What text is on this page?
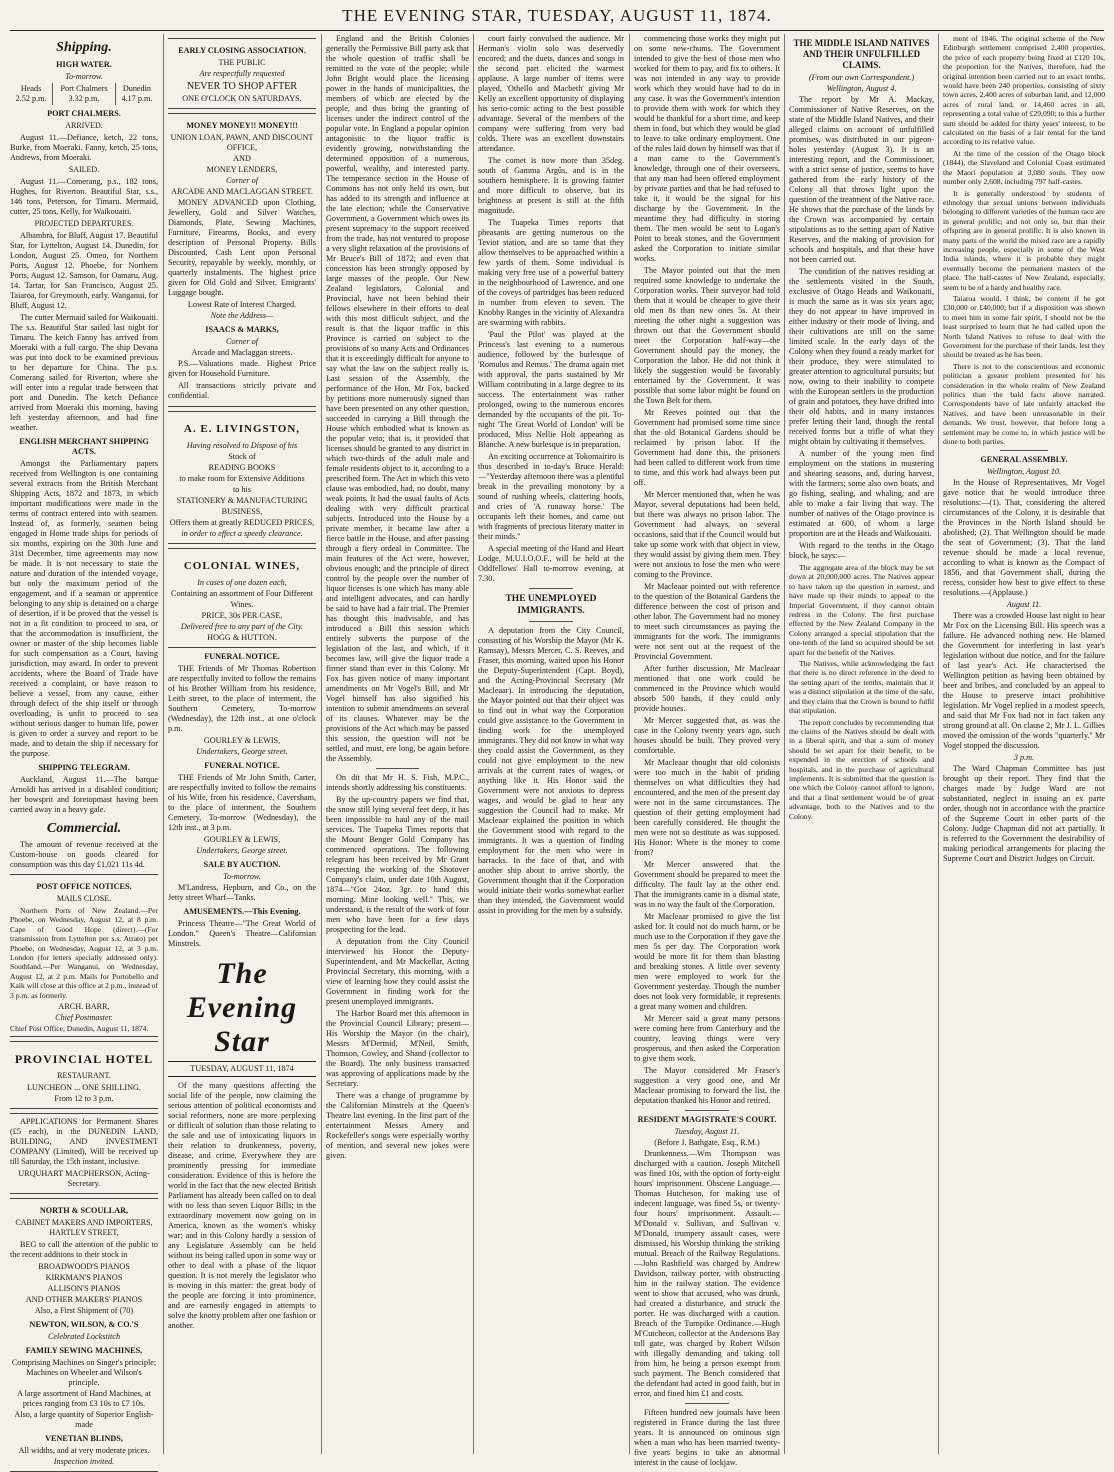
THE EVENING STAR, TUESDAY, AUGUST 11, 1874.
Shipping.
HIGH WATER.
To-morrow.
Heads
2.52 p.m.	Port Chalmers
3.32 p.m.	Dunedin
4.17 p.m.
PORT CHALMERS.
ARRIVED.
August 11.—Defiance, ketch, 22 tons, Burke, from Moeraki. Fanny, ketch, 25 tons, Andrews, from Moeraki.
SAILED.
August 11.—Comerang, p.s., 182 tons, Hughes, for Riverton. Beautiful Star, s.s., 146 tons, Peterson, for Timaru. Mermaid, cutter, 25 tons, Kelly, for Waikouaiti.
PROJECTED DEPARTURES.
Albambra, for Bluff, August 17. Beautiful Star, for Lyttelton, August 14. Dunedin, for London, August 25. Omeo, for Northern Ports, August 12. Phoebe, for Northern Ports, August 12. Samson, for Oamaru, Aug. 14. Tartar, for San Francisco, August 25. Taiaroa, for Greymouth, early. Wanganui, for Bluff, August 12.
The cutter Mermaid sailed for Waikouaiti. The s.s. Beautiful Star sailed last night for Timaru. The ketch Fanny has arrived from Moeraki with a full cargo. The ship Devana was put into dock to be examined previous to her departure for China. The p.s. Comerang sailed for Riverton, where she will enter into a regular trade between that port and Dunedin. The ketch Defiance arrived from Moeraki this morning, having left yesterday afternoon, and had fine weather.
ENGLISH MERCHANT SHIPPING ACTS.
Amongst the Parliamentary papers received from Wellington is one containing several extracts from the British Merchant Shipping Acts, 1872 and 1873, in which important modifications were made in the terms of contract entered into with seamen. Instead of, as formerly, seamen being engaged in Home trade ships for periods of six months, expiring on the 30th June and 31st December, time agreements may now be made. It is not necessary to state the nature and duration of the intended voyage, but only the maximum period of the engagement, and if a seaman or apprentice belonging to any ship is detained on a charge of desertion, if it be proved that the vessel is not in a fit condition to proceed to sea, or that the accommodation is insufficient, the owner or master of the ship becomes liable for such compensation as a Court, having jurisdiction, may award. In order to prevent accidents, where the Board of Trade have received a complaint, or have reason to believe a vessel, from any cause, either through defect of the ship itself or through overloading, is unfit to proceed to sea without serious danger to human life, power is given to order a survey and report to be made, and to detain the ship if necessary for the purpose.
SHIPPING TELEGRAM.
Auckland, August 11.—The barque Arnoldi has arrived in a disabled condition; her bowsprit and foretopmast having been carried away in a heavy gale.
Commercial.
The amount of revenue received at the Custom-house on goods cleared for consumption was this day £1,021 11s 4d.
POST OFFICE NOTICES.
MAILS CLOSE.
Northern Ports of New Zealand.—Per Phoebe, on Wednesday, August 12, at 8 p.m. Cape of Good Hope (direct).—(For transmission from Lyttelton per s.s. Atrato) per Phoebe, on Wednesday, August 12, at 3 p.m. London (for letters specially addressed only). Southland.—Per Wanganui, on Wednesday, August 12, at 2 p.m. Mails for Portobello and Kaik will close at this office at 2 p.m., instead of 3 p.m. as formerly.
ARCH. BARR,
Chief Postmaster.
Chief Post Office, Dunedin, August 11, 1874.
PROVINCIAL HOTEL
RESTAURANT.
LUNCHEON ... ONE SHILLING.
From 12 to 3 p.m.
APPLICATIONS for Permanent Shares (£5 each), in the DUNEDIN LAND, BUILDING, AND INVESTMENT COMPANY (Limited), Will be received up till Saturday, the 15th instant, inclusive.
URQUHART MACPHERSON, Acting-Secretary.
NORTH & SCOULLAR,
CABINET MAKERS AND IMPORTERS, HARTLEY STREET,
BEG to call the attention of the public to the recent additions to their stock in
BROADWOOD'S PIANOS
KIRKMAN'S PIANOS
ALLISON'S PIANOS
AND OTHER MAKERS' PIANOS
Also, a First Shipment of (70)
NEWTON, WILSON, & CO.'S
Celebrated Lockstitch
FAMILY SEWING MACHINES,
Comprising Machines on Singer's principle; Machines on Wheeler and Wilson's principle.
A large assortment of Hand Machines, at prices ranging from £3 10s to £7 10s.
Also, a large quantity of Superior English-made
VENETIAN BLINDS,
All widths, and at very moderate prices.
Inspection invited.
EARLY CLOSING ASSOCIATION.
THE PUBLIC
Are respectfully requested
NEVER TO SHOP AFTER
ONE O'CLOCK ON SATURDAYS.
MONEY MONEY!! MONEY!!!
UNION LOAN, PAWN, AND DISCOUNT OFFICE,
AND
MONEY LENDERS,
Corner of
ARCADE AND MACLAGGAN STREET.
MONEY ADVANCED upon Clothing, Jewellery, Gold and Silver Watches, Diamonds, Plate, Sewing Machines, Furniture, Firearms, Books, and every description of Personal Property. Bills Discounted, Cash Lent upon Personal Security, repayable by weekly, monthly, or quarterly instalments. The highest price given for Old Gold and Silver. Emigrants' Luggage bought.
Lowest Rate of Interest Charged.
Note the Address—
ISAACS & MARKS,
Corner of
Arcade and Maclaggan streets.
P.S.—Valuations made. Highest Price given for Household Furniture.
All transactions strictly private and confidential.
A. E. LIVINGSTON,
Having resolved to Dispose of his
Stock of
READING BOOKS
to make room for Extensive Additions
to his
STATIONERY & MANUFACTURING
BUSINESS,
Offers them at greatly REDUCED PRICES,
in order to effect a speedy clearance.
COLONIAL WINES,
In cases of one dozen each,
Containing an assortment of Four Different
Wines.
PRICE, 30s PER CASE,
Delivered free to any part of the City.
HOGG & HUTTON.
FUNERAL NOTICE.
THE Friends of Mr Thomas Robertson are respectfully invited to follow the remains of his Brother William from his residence, Leith street, to the place of interment, the Southern Cemetery, To-morrow (Wednesday), the 12th inst., at one o'clock p.m.
GOURLEY & LEWIS,
Undertakers, George street.
FUNERAL NOTICE.
THE Friends of Mr John Smith, Carter, are respectfully invited to follow the remains of his Wife, from his residence, Caversham, to the place of interment, the Southern Cemetery, To-morrow (Wednesday), the 12th inst., at 3 p.m.
GOURLEY & LEWIS,
Undertakers, George street.
SALE BY AUCTION.
To-morrow.
M'Landress, Hepburn, and Co., on the Jetty street Wharf—Tanks.
AMUSEMENTS.—This Evening.
Princess Theatre—"The Great World of London." Queen's Theatre—Californian Minstrels.
The Evening Star
TUESDAY, AUGUST 11, 1874
Of the many questions affecting the social life of the people, now claiming the serious attention of political economists and social reformers, none are more perplexing or difficult of solution than those relating to the sale and use of intoxicating liquors in their relation to drunkenness, poverty, disease, and crime. Everywhere they are prominently pressing for immediate consideration. Evidence of this is before the world in the fact that the new elected British Parliament has already been called on to deal with no less than seven Liquor Bills; in the extraordinary movement now going on in America, known as the women's whisky war; and in this Colony hardly a session of any Legislature Assembly can be held without its being called upon in some way or other to deal with a phase of the liquor question. It is not merely the legislator who is moving in this matter: the great body of the people are forcing it into prominence, and are earnestly engaged in attempts to solve the knotty problem after one fashion or another.
England and the British Colonies generally the Permissive Bill party ask that the whole question of traffic shall be remitted to the vote of the people; while John Bright would place the licensing power in the hands of municipalities, the members of which are elected by the people, and thus bring the granting of licenses under the indirect control of the popular vote. In England a popular opinion antagonistic to the liquor traffic is evidently growing, notwithstanding the determined opposition of a numerous, powerful, wealthy, and interested party. The temperance section in the House of Commons has not only held its own, but has added to its strength and influence at the late election; while the Conservative Government, a Government which owes its present supremacy to the support received from the trade, has not ventured to propose a very slight relaxation of the provisions of Mr Bruce's Bill of 1872; and even that concession has been strongly opposed by large masses of the people. Our New Zealand legislators, Colonial and Provincial, have not been behind their fellows elsewhere in their efforts to deal with this most difficult subject, and the result is that the liquor traffic in this Province is carried on subject to the provisions of so many Acts and Ordinances that it is exceedingly difficult for anyone to say what the law on the subject really is. Last session of the Assembly, the performance of the Hon. Mr Fox, backed by petitions more numerously signed than have been presented on any other question, succeeded in carrying a Bill through the House which embodied what is known as the popular veto; that is, it provided that licenses should be granted to any district in which two-thirds of the adult male and female residents object to it, according to a prescribed form. The Act in which this veto clause was embodied, had, no doubt, many weak points. It had the usual faults of Acts dealing with very difficult practical subjects. Introduced into the House by a private member, it became law after a fierce battle in the House, and after passing through a fiery ordeal in Committee. The main features of the Act were, however, obvious enough; and the principle of direct control by the people over the number of liquor licenses is one which has many able and intelligent advocates, and can hardly be said to have had a fair trial. The Premier has thought this inadvisable, and has introduced a Bill this session which entirely subverts the purpose of the legislation of the last, and which, if it becomes law, will give the liquor trade a firmer stand than ever in this Colony. Mr Fox has given notice of many important amendments on Mr Vogel's Bill, and Mr Vogel himself has also signified his intention to submit amendments on several of its clauses. Whatever may be the provisions of the Act which may be passed this session, the question will not be settled, and must, ere long, be again before the Assembly.
On dit that Mr H. S. Fish, M.P.C., intends shortly addressing his constituents.
By the up-country papers we find that, the snow still lying several feet deep, it has been impossible to haul any of the mail services. The Tuapeka Times reports that the Mount Benger Gold Company has commenced operations. The following telegram has been received by Mr Grant respecting the working of the Shotover Company's claim, under date 10th August, 1874—"Got 24oz. 3gr. to hand this morning. Mine looking well." This, we understand, is the result of the work of four men who have been for a few days prospecting for the lead.
A deputation from the City Council interviewed his Honor the Deputy-Superintendent, and Mr Mackellar, Acting Provincial Secretary, this morning, with a view of learning how they could assist the Government in finding work for the present unemployed immigrants.
The Harbor Board met this afternoon in the Provincial Council Library; present—His Worship the Mayor (in the chair), Messrs M'Dermid, M'Neil, Smith, Thomson, Cowley, and Shand (collector to the Board). The only business transacted was approving of applications made by the Secretary.
There was a change of programme by the Californian Minstrels at the Queen's Theatre last evening. In the first part of the entertainment Messrs Amery and Rockefeller's songs were especially worthy of mention, and several new jokes were given.
court fairly convulsed the audience. Mr Herman's violin solo was deservedly encored; and the duets, dances and songs in the second part elicited the warmest applause. A large number of items were played, 'Othello and Macbeth' giving Mr Kelly an excellent opportunity of displaying his serio-comic acting to the best possible advantage. Several of the members of the company were suffering from very bad colds. There was an excellent downstairs attendance.
The comet is now more than 35deg. south of Gamma Argûs, and is in the southern hemisphere. It is growing fainter and more difficult to observe, but its brightness at present is still at the fifth magnitude.
The Tuapeka Times reports that pheasants are getting numerous on the Teviot station, and are so tame that they allow themselves to be approached within a few yards of them. Some individual is making very free use of a powerful battery in the neighbourhood of Lawrence, and one of the coveys of partridges has been reduced in number from eleven to seven. The Knobby Ranges in the vicinity of Alexandra are swarming with rabbits.
'Paul the Pilot' was played at the Princess's last evening to a numerous audience, followed by the burlesque of 'Romulus and Remus.' The drama again met with approval, the parts sustained by Mr William contributing in a large degree to its success. The entertainment was rather prolonged, owing to the numerous encores demanded by the occupants of the pit. To-night 'The Great World of London' will be produced, Miss Nellie Holt appearing as Blanche. A new burlesque is in preparation.
An exciting occurrence at Tokomairiro is thus described in to-day's Bruce Herald:—"Yesterday afternoon there was a plentiful break in the prevailing monotony by a sound of rushing wheels, clattering hoofs, and cries of 'A runaway horse.' The occupants left their homes, and came out with fragments of precious literary matter in their minds."
A special meeting of the Hand and Heart Lodge, M.U.I.O.O.F., will be held at the Oddfellows' Hall to-morrow evening, at 7.30.
THE UNEMPLOYED IMMIGRANTS.
A deputation from the City Council, consisting of his Worship the Mayor (Mr K. Ramsay), Messrs Mercer, C. S. Reeves, and Fraser, this morning, waited upon his Honor the Deputy-Superintendent (Capt. Boyd), and the Acting-Provincial Secretary (Mr Macleaar). In introducing the deputation, the Mayor pointed out that their object was to find out in what way the Corporation could give assistance to the Government in finding work for the unemployed immigrants. They did not know in what way they could assist the Government, as they could not give employment to the new arrivals at the current rates of wages, or anything like it. His Honor said the Government were not anxious to depress wages, and would be glad to hear any suggestion the Council had to make. Mr Macleaar explained the position in which the Government stood with regard to the immigrants. It was a question of finding employment for the men who were in barracks. In the face of that, and with another ship about to arrive shortly, the Government thought that if the Corporation would initiate their works somewhat earlier than they intended, the Government would assist in providing for the men by a subsidy.
commencing those works they might put on some new-chums. The Government intended to give the best of those men who worked for them to pay, and fix to others. It was not intended in any way to provide work which they would have had to do in any case. It was the Government's intention to provide them with work for which they would be thankful for a short time, and keep them in food, but which they would be glad to leave to take ordinary employment. One of the rules laid down by himself was that if a man came to the Government's knowledge, through one of their overseers, that any man had been offered employment by private parties and that he had refused to take it, it would be the signal for his discharge by the Government. In the meantime they had difficulty in storing them. The men would be sent to Logan's Point to break stones, and the Government asked the Corporation to initiate similar works.
The Mayor pointed out that the men required some knowledge to undertake the Corporation works. Their surveyor had told them that it would be cheaper to give their old men 8s than new ones 5s. At their meeting the other night a suggestion was thrown out that the Government should meet the Corporation half-way—the Government should pay the money, the Corporation the labor. He did not think it likely the suggestion would be favorably entertained by the Government. It was possible that some labor might be found on the Town Belt for them.
Mr Reeves pointed out that the Government had promised some time since that the old Botanical Gardens should be reclaimed by prison labor. If the Government had done this, the prisoners had been called to different work from time to time, and this work had always been put off.
Mr Mercer mentioned that, when he was Mayor, several deputations had been held, but there was always no prison labor. The Government had always, on several occasions, said that if the Council would but take up some work with that object in view, they would assist by giving them men. They were not anxious to lose the men who were coming to the Province.
Mr Macleaar pointed out with reference to the question of the Botanical Gardens the difference between the cost of prison and other labor. The Government had no money to meet such circumstances as paying the immigrants for the work. The immigrants were not sent out at the request of the Provincial Government.
After further discussion, Mr Macleaar mentioned that one work could be commenced in the Province which would absorb 500 hands, if they could only provide houses.
Mr Mercer suggested that, as was the case in the Colony twenty years ago, such houses should be built. They proved very comfortable.
Mr Macleaar thought that old colonists were too much in the habit of priding themselves on what difficulties they had encountered, and the men of the present day were not in the same circumstances. The question of their getting employment had been carefully considered. He thought the men were not so destitute as was supposed. His Honor: Where is the money to come from?
Mr Mercer answered that the Government should be prepared to meet the difficulty. The fault lay at the other end. That the immigrants came in a dismal state, was in no way the fault of the Corporation.
Mr Macleaar promised to give the list asked for. It could not do much harm, or be much use to the Corporation if they gave the men 5s per day. The Corporation work would be more fit for them than blasting and breaking stones. A little over seventy men were employed to work for the Government yesterday. Though the number does not look very formidable, it represents a great many women and children.
Mr Mercer said a great many persons were coming here from Canterbury and the country, leaving things were very prosperous, and then asked the Corporation to give them work.
The Mayor considered Mr Fraser's suggestion a very good one, and Mr Macleaar promising to forward the list, the deputation thanked his Honor and retired.
RESIDENT MAGISTRATE'S COURT.
Tuesday, August 11.
(Before J. Bathgate, Esq., R.M.)
Drunkenness.—Wm Thompson was discharged with a caution. Joseph Mitchell was fined 10s, with the option of forty-eight hours' imprisonment. Obscene Language.—Thomas Hutcheson, for making use of indecent language, was fined 5s, or twenty-four hours' imprisonment. Assault.—M'Donald v. Sullivan, and Sullivan v. M'Donald, trumpery assault cases, were dismissed, his Worship thinking the striking mutual. Breach of the Railway Regulations.—John Rashfield was charged by Andrew Davidson, railway porter, with obstructing him in the railway station. The evidence went to show that accused, who was drunk, had created a disturbance, and struck the porter. He was discharged with a caution. Breach of the Turnpike Ordinance.—Hugh M'Cutcheon, collector at the Andersons Bay toll gate, was charged by Robert Wilson with illegally demanding and taking toll from him, he being a person exempt from such payment. The Bench considered that the defendant had acted in good faith, but in error, and fined him £1 and costs.
Fifteen hundred new journals have been registered in France during the last three years. It is announced on ominous sign when a man who has been married twenty-five years begins to take an abnormal interest in the cause of lockjaw.
THE MIDDLE ISLAND NATIVES AND THEIR UNFULFILLED CLAIMS.
(From our own Correspondent.)
Wellington, August 4.
The report by Mr A. Mackay, Commissioner of Native Reserves, on the state of the Middle Island Natives, and their alleged claims on account of unfulfilled promises, was distributed in our pigeon-holes yesterday (August 3). It is an interesting report, and the Commissioner, with a strict sense of justice, seems to have gathered from the early history of the Colony all that throws light upon the question of the treatment of the Native race. He shows that the purchase of the lands by the Crown was accompanied by certain stipulations as to the setting apart of Native Reserves, and the making of provision for schools and hospitals, and that these have not been carried out.
The condition of the natives residing at the settlements visited in the South, exclusive of Otago Heads and Waikouaiti, is much the same as it was six years ago; they do not appear to have improved in either industry or their mode of living, and their cultivations are still on the same limited scale. In the early days of the Colony when they found a ready market for their produce, they were stimulated to greater attention to agricultural pursuits; but now, owing to their inability to compete with the European settlers in the production of grain and potatoes, they have drifted into their old habits, and in many instances prefer letting their land, though the rental received forms but a trifle of what they might obtain by cultivating it themselves.
A number of the young men find employment on the stations in mustering and shearing seasons, and, during harvest, with the farmers; some also own boats, and go fishing, sealing, and whaling, and are able to make a fair living that way. The number of natives of the Otago province is estimated at 600, of whom a large proportion are at the Heads and Waikouaiti.
With regard to the tenths in the Otago block, he says:—
The aggregate area of the block may be set down at 20,000,000 acres. The Natives appear to have taken up the question in earnest, and have made up their minds to appeal to the Imperial Government, if they cannot obtain redress in the Colony. The first purchase effected by the New Zealand Company in the Colony arranged a special stipulation that the one-tenth of the land so acquired should be set apart for the benefit of the Natives.
The Natives, while acknowledging the fact that there is no direct reference in the deed to the setting apart of the tenths, maintain that it was a distinct stipulation at the time of the sale, and they claim that the Crown is bound to fulfil that stipulation.
The report concludes by recommending that the claims of the Natives should be dealt with in a liberal spirit, and that a sum of money should be set apart for their benefit, to be expended in the erection of schools and hospitals, and in the purchase of agricultural implements. It is submitted that the question is one which the Colony cannot afford to ignore, and that a final settlement would be of great advantage, both to the Natives and to the Colony.
ment of 1846. The original scheme of the New Edinburgh settlement comprised 2,400 properties, the price of each property being fixed at £120 10s, the proportion for the Natives, therefore, had the original intention been carried out to an exact tenths, would have been 240 properties, consisting of sixty town acres, 2,400 acres of suburban land, and 12,000 acres of rural land, or 14,460 acres in all, representing a total value of £29,090; to this a further sum should be added for thirty years' interest, to be calculated on the basis of a fair rental for the land according to its relative value.
At the time of the cession of the Otago block (1844), the Slaveland and Colonial Coast estimated the Maori population at 3,080 souls. They now number only 2,608, including 797 half-castes.
It is generally understood by students of ethnology that sexual unions between individuals belonging to different varieties of the human race are in general prolific; and not only so, but that their offspring are in general prolific. It is also known in many parts of the world the mixed race are a rapidly increasing people, especially in some of the West India islands, where it is probable they might eventually become the permanent masters of the place. The half-castes of New Zealand, especially, seem to be of a hardy and healthy race.
Taiaroa would, I think, be content if he got £30,000 or £40,000; but if a disposition was shown to meet him in some fair spirit, I should not be the least surprised to learn that he had called upon the North Island Natives to refuse to deal with the Government for the purchase of their lands, lest they should be treated as he has been.
There is not to the conscientious and economic politician a greater problem presented for his consideration in the whole realm of New Zealand politics than the bald facts above narrated. Correspondents have of late unfairly attacked the Natives, and have been unreasonable in their demands. We trust, however, that before long a settlement may be come to, in which justice will be done to both parties.
GENERAL ASSEMBLY.
Wellington, August 10.
In the House of Representatives, Mr Vogel gave notice that he would introduce three resolutions:—(1). That, considering the altered circumstances of the Colony, it is desirable that the Provinces in the North Island should be abolished; (2). That Wellington should be made the seat of Government; (3). That the land revenue should be made a local revenue, according to what is known as the Compact of 1856, and that Government shall, during the recess, consider how best to give effect to these resolutions.—(Applause.)
August 11.
There was a crowded House last night to hear Mr Fox on the Licensing Bill. His speech was a failure. He advanced nothing new. He blamed the Government for interfering in last year's legislation without due notice, and for the failure of last year's Act. He characterised the Wellington petition as having been obtained by beer and bribes, and concluded by an appeal to the House to preserve intact prohibitive legislation. Mr Vogel replied in a modest speech, and said that Mr Fox had not in fact taken any strong ground at all. On clause 2, Mr J. L. Gillies moved the omission of the words "quarterly." Mr Vogel stopped the discussion.
3 p.m.
The Ward Chapman Committee has just brought up their report. They find that the charges made by Judge Ward are not substantiated, neglect in issuing an ex parte order, though not in accordance with the practice of the Supreme Court in other parts of the Colony. Judge Chapman did not act partially. It is referred to the Government the desirability of making periodical arrangements for placing the Supreme Court and District Judges on Circuit.
